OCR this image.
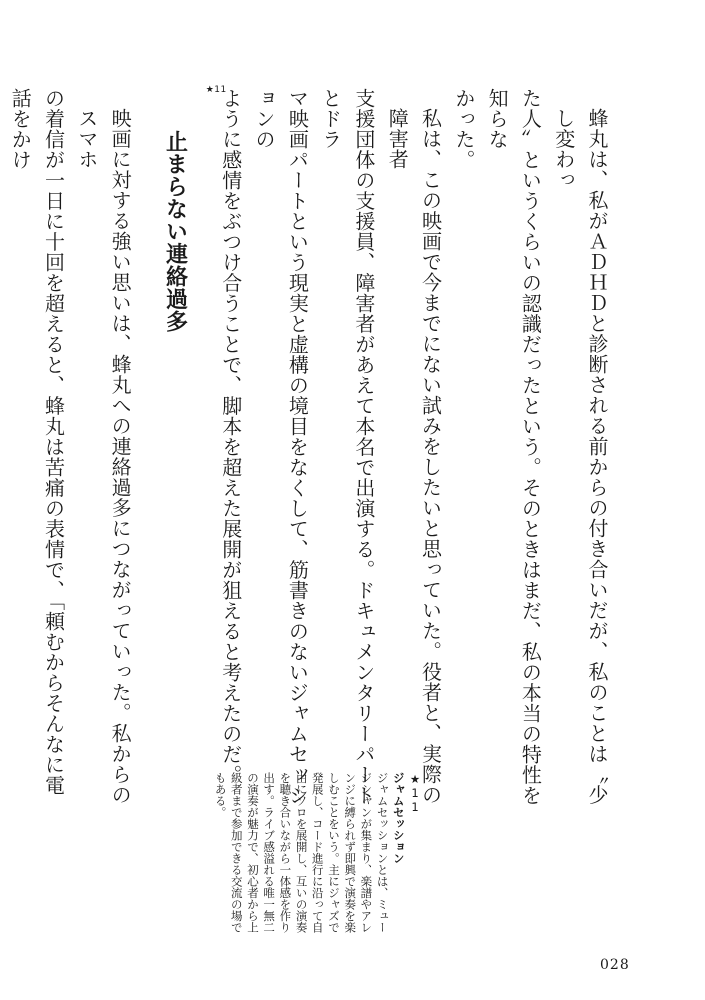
蜂丸は、私がＡＤＨＤと診断される前からの付き合いだが、私のことは〝少し変わっ
た人〟というくらいの認識だったという。そのときはまだ、私の本当の特性を知らな
かった。
私は、この映画で今までにない試みをしたいと思っていた。役者と、実際の障害者
支援団体の支援員、障害者があえて本名で出演する。ドキュメンタリーパートとドラ
マ映画パートという現実と虚構の境目をなくして、筋書きのないジャムセッションの
★11
ように感情をぶつけ合うことで、脚本を超えた展開が狙えると考えたのだ。
止まらない連絡過多
映画に対する強い思いは、蜂丸への連絡過多につながっていった。私からのスマホ
の着信が一日に十回を超えると、蜂丸は苦痛の表情で、「頼むからそんなに電話をかけ
★11
ジャムセッション
ジャムセッションとは、ミュー
ジシャンが集まり、楽譜やアレ
ンジに縛られず即興で演奏を楽
しむことをいう。主にジャズで
発展し、コード進行に沿って自
由にソロを展開し、互いの演奏
を聴き合いながら一体感を作り
出す。ライブ感溢れる唯一無二
の演奏が魅力で、初心者から上
級者まで参加できる交流の場で
もある。
028
